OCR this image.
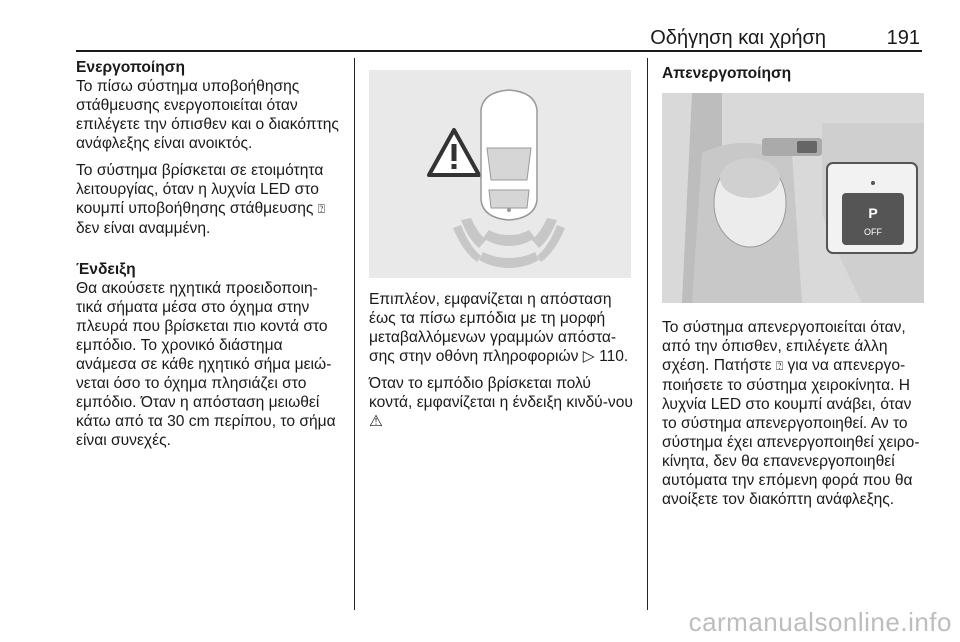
Οδήγηση και χρήση	191

Ενεργοποίηση

Το πίσω σύστημα υποβοήθησης στάθμευσης ενεργοποιείται όταν επιλέγετε την όπισθεν και ο διακόπτης ανάφλεξης είναι ανοικτός.

Το σύστημα βρίσκεται σε ετοιμότητα λειτουργίας, όταν η λυχνία LED στο κουμπί υποβοήθησης στάθμευσης ⍰ δεν είναι αναμμένη.

Ένδειξη

Θα ακούσετε ηχητικά προειδοποιη-τικά σήματα μέσα στο όχημα στην πλευρά που βρίσκεται πιο κοντά στο εμπόδιο. Το χρονικό διάστημα ανάμεσα σε κάθε ηχητικό σήμα μειώ-νεται όσο το όχημα πλησιάζει στο εμπόδιο. Όταν η απόσταση μειωθεί κάτω από τα 30 cm περίπου, το σήμα είναι συνεχές.

Επιπλέον, εμφανίζεται η απόσταση έως τα πίσω εμπόδια με τη μορφή μεταβαλλόμενων γραμμών απόστα-σης στην οθόνη πληροφοριών ▷ 110.

Όταν το εμπόδιο βρίσκεται πολύ κοντά, εμφανίζεται η ένδειξη κινδύ-νου ⚠

Απενεργοποίηση
P
OFF

Το σύστημα απενεργοποιείται όταν, από την όπισθεν, επιλέγετε άλλη σχέση. Πατήστε ⍰ για να απενεργο-ποιήσετε το σύστημα χειροκίνητα. Η λυχνία LED στο κουμπί ανάβει, όταν το σύστημα απενεργοποιηθεί. Αν το σύστημα έχει απενεργοποιηθεί χειρο-κίνητα, δεν θα επανενεργοποιηθεί αυτόματα την επόμενη φορά που θα ανοίξετε τον διακόπτη ανάφλεξης.

carmanualsonline.info
